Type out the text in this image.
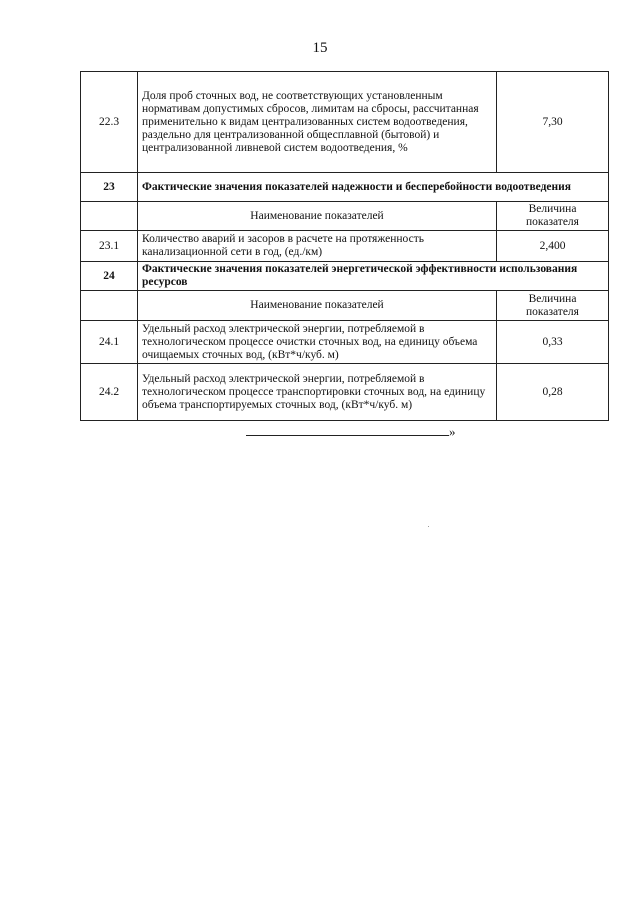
15
22.3	Доля проб сточных вод, не соответствующих установленным нормативам допустимых сбросов, лимитам на сбросы, рассчитанная применительно к видам централизованных систем водоотведения, раздельно для централизованной общесплавной (бытовой) и централизованной ливневой систем водоотведения, %	7,30
23	Фактические значения показателей надежности и бесперебойности водоотведения	
	Наименование показателей	Величина показателя
23.1	Количество аварий и засоров в расчете на протяженность канализационной сети в год, (ед./км)	2,400
24	Фактические значения показателей энергетической эффективности использования ресурсов	
	Наименование показателей	Величина показателя
24.1	Удельный расход электрической энергии, потребляемой в технологическом процессе очистки сточных вод, на единицу объема очищаемых сточных вод, (кВт*ч/куб. м)	0,33
24.2	Удельный расход электрической энергии, потребляемой в технологическом процессе транспортировки сточных вод, на единицу объема транспортируемых сточных вод, (кВт*ч/куб. м)	0,28
»
